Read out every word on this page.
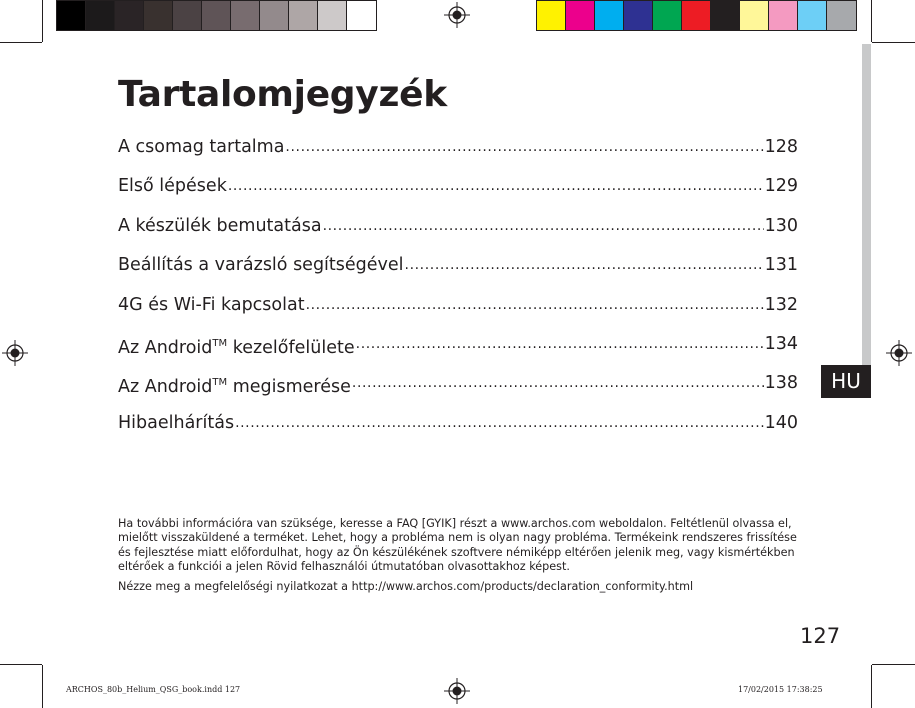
HU
Tartalomjegyzék
A csomag tartalma .....	128
Első lépések .....	129
A készülék bemutatása .....	130
Beállítás a varázsló segítségével .....	131
4G és Wi-Fi kapcsolat .....	132
Az Android™ kezelőfelülete .....	134
Az Android™ megismerése .....	138
Hibaelhárítás .....	140

Ha további információra van szüksége, keresse a FAQ [GYIK] részt a www.archos.com weboldalon. Feltétlenül olvassa el, mielőtt visszaküldené a terméket. Lehet, hogy a probléma nem is olyan nagy probléma. Termékeink rendszeres frissítése és fejlesztése miatt előfordulhat, hogy az Ön készülékének szoftvere némiképp eltérően jelenik meg, vagy kismértékben eltérőek a funkciói a jelen Rövid felhasználói útmutatóban olvasottakhoz képest.

Nézze meg a megfelelőségi nyilatkozat a http://www.archos.com/products/declaration_conformity.html

127
ARCHOS_80b_Helium_QSG_book.indd 127	17/02/2015 17:38:25
